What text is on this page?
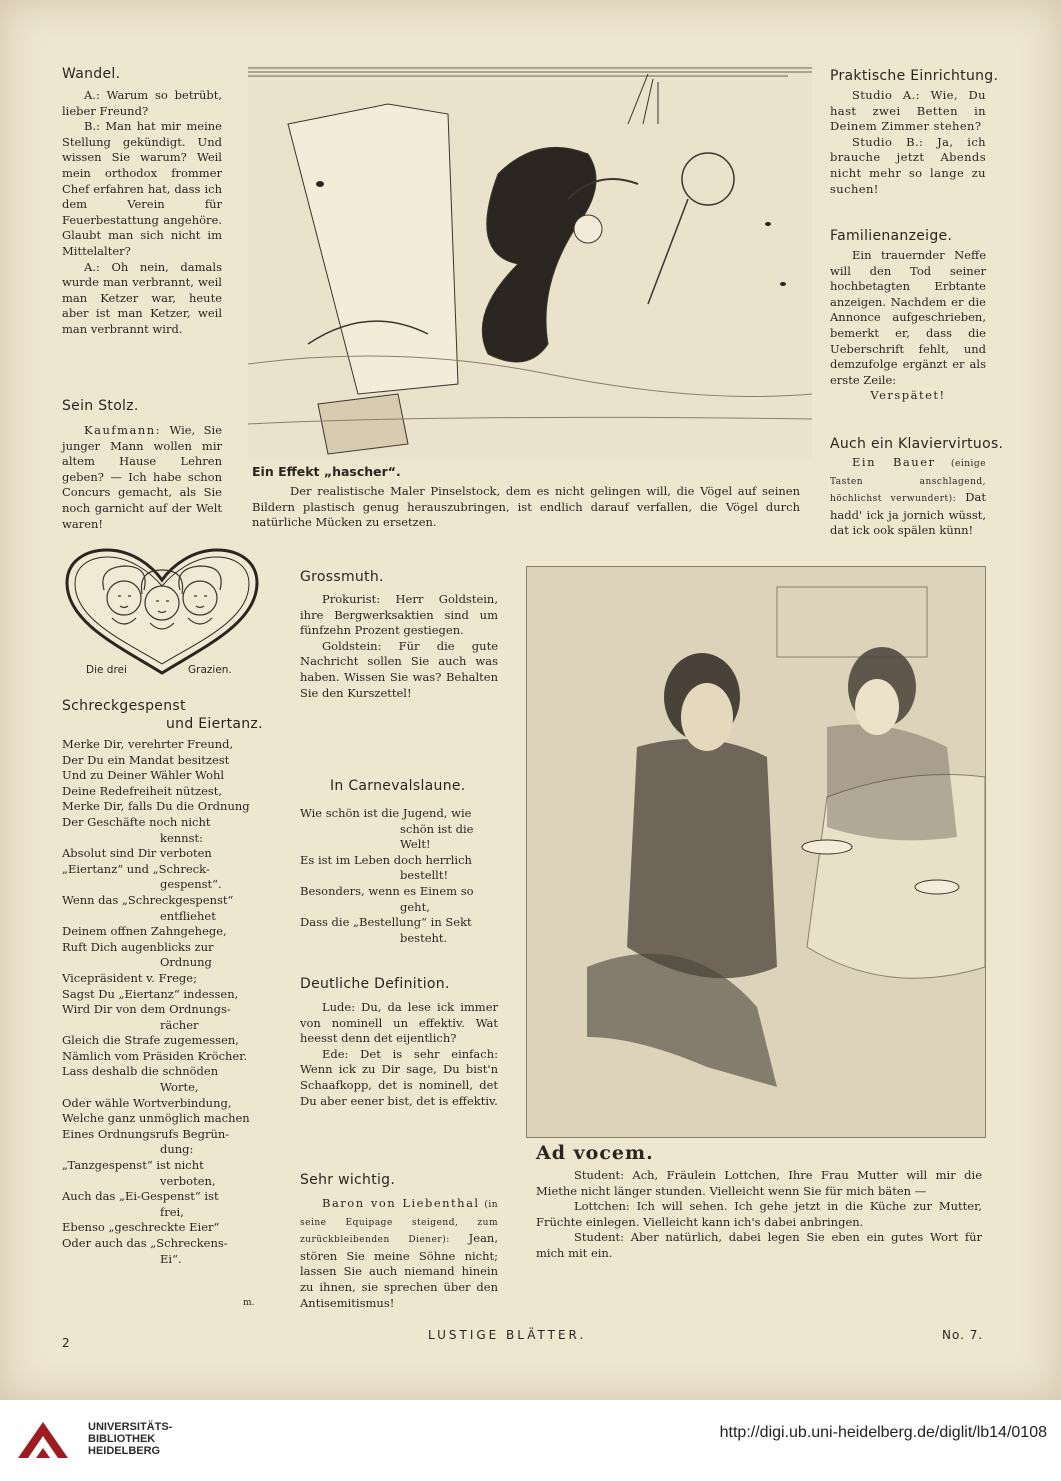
Wandel.

A.: Warum so betrübt, lieber Freund?

B.: Man hat mir meine Stellung gekündigt. Und wissen Sie warum? Weil mein orthodox frommer Chef erfahren hat, dass ich dem Verein für Feuerbestattung angehöre. Glaubt man sich nicht im Mittelalter?

A.: Oh nein, damals wurde man verbrannt, weil man Ketzer war, heute aber ist man Ketzer, weil man verbrannt wird.

Sein Stolz.

Kaufmann: Wie, Sie junger Mann wollen mir altem Hause Lehren geben? — Ich habe schon Concurs gemacht, als Sie noch garnicht auf der Welt waren!

Die drei	Grazien.
Schreckgespenst
und Eiertanz.

Merke Dir, verehrter Freund,

Der Du ein Mandat besitzest

Und zu Deiner Wähler Wohl

Deine Redefreiheit nützest,

Merke Dir, falls Du die Ordnung

Der Geschäfte noch nicht

kennst:

Absolut sind Dir verboten

„Eiertanz“ und „Schreck-

gespenst“.

Wenn das „Schreckgespenst“

entfliehet

Deinem offnen Zahngehege,

Ruft Dich augenblicks zur

Ordnung

Vicepräsident v. Frege;

Sagst Du „Eiertanz“ indessen,

Wird Dir von dem Ordnungs-

rächer

Gleich die Strafe zugemessen,

Nämlich vom Präsiden Kröcher.

Lass deshalb die schnöden

Worte,

Oder wähle Wortverbindung,

Welche ganz unmöglich machen

Eines Ordnungsrufs Begrün-

dung:

„Tanzgespenst“ ist nicht

verboten,

Auch das „Ei-Gespenst“ ist

frei,

Ebenso „geschreckte Eier“

Oder auch das „Schreckens-

Ei“.

m.
Ein Effekt „hascher“.

Der realistische Maler Pinselstock, dem es nicht gelingen will, die Vögel auf seinen Bildern plastisch genug herauszubringen, ist endlich darauf verfallen, die Vögel durch natürliche Mücken zu ersetzen.

Praktische Einrichtung.

Studio A.: Wie, Du hast zwei Betten in Deinem Zimmer stehen?

Studio B.: Ja, ich brauche jetzt Abends nicht mehr so lange zu suchen!

Familienanzeige.

Ein trauernder Neffe will den Tod seiner hochbetagten Erbtante anzeigen. Nachdem er die Annonce aufgeschrieben, bemerkt er, dass die Ueberschrift fehlt, und demzufolge ergänzt er als erste Zeile:

Verspätet!

Auch ein Klaviervirtuos.

Ein Bauer (einige Tasten anschlagend, höchlichst verwundert): Dat hadd' ick ja jornich wüsst, dat ick ook spälen künn!

Grossmuth.

Prokurist: Herr Goldstein, ihre Bergwerksaktien sind um fünfzehn Prozent gestiegen.

Goldstein: Für die gute Nachricht sollen Sie auch was haben. Wissen Sie was? Behalten Sie den Kurszettel!

In Carnevalslaune.

Wie schön ist die Jugend, wie

schön ist die Welt!

Es ist im Leben doch herrlich

bestellt!

Besonders, wenn es Einem so

geht,

Dass die „Bestellung“ in Sekt

besteht.

Deutliche Definition.

Lude: Du, da lese ick immer von nominell un effektiv. Wat heesst denn det eijentlich?

Ede: Det is sehr einfach: Wenn ick zu Dir sage, Du bist'n Schaafkopp, det is nominell, det Du aber eener bist, det is effektiv.

Sehr wichtig.

Baron von Liebenthal (in seine Equipage steigend, zum zurückbleibenden Diener): Jean, stören Sie meine Söhne nicht; lassen Sie auch niemand hinein zu ihnen, sie sprechen über den Antisemitismus!

Ad vocem.

Student: Ach, Fräulein Lottchen, Ihre Frau Mutter will mir die Miethe nicht länger stunden. Vielleicht wenn Sie für mich bäten —

Lottchen: Ich will sehen. Ich gehe jetzt in die Küche zur Mutter, Früchte einlegen. Vielleicht kann ich's dabei anbringen.

Student: Aber natürlich, dabei legen Sie eben ein gutes Wort für mich mit ein.

2
LUSTIGE BLÄTTER.	No. 7.
UNIVERSITÄTS-
BIBLIOTHEK
HEIDELBERG
http://digi.ub.uni-heidelberg.de/diglit/lb14/0108
